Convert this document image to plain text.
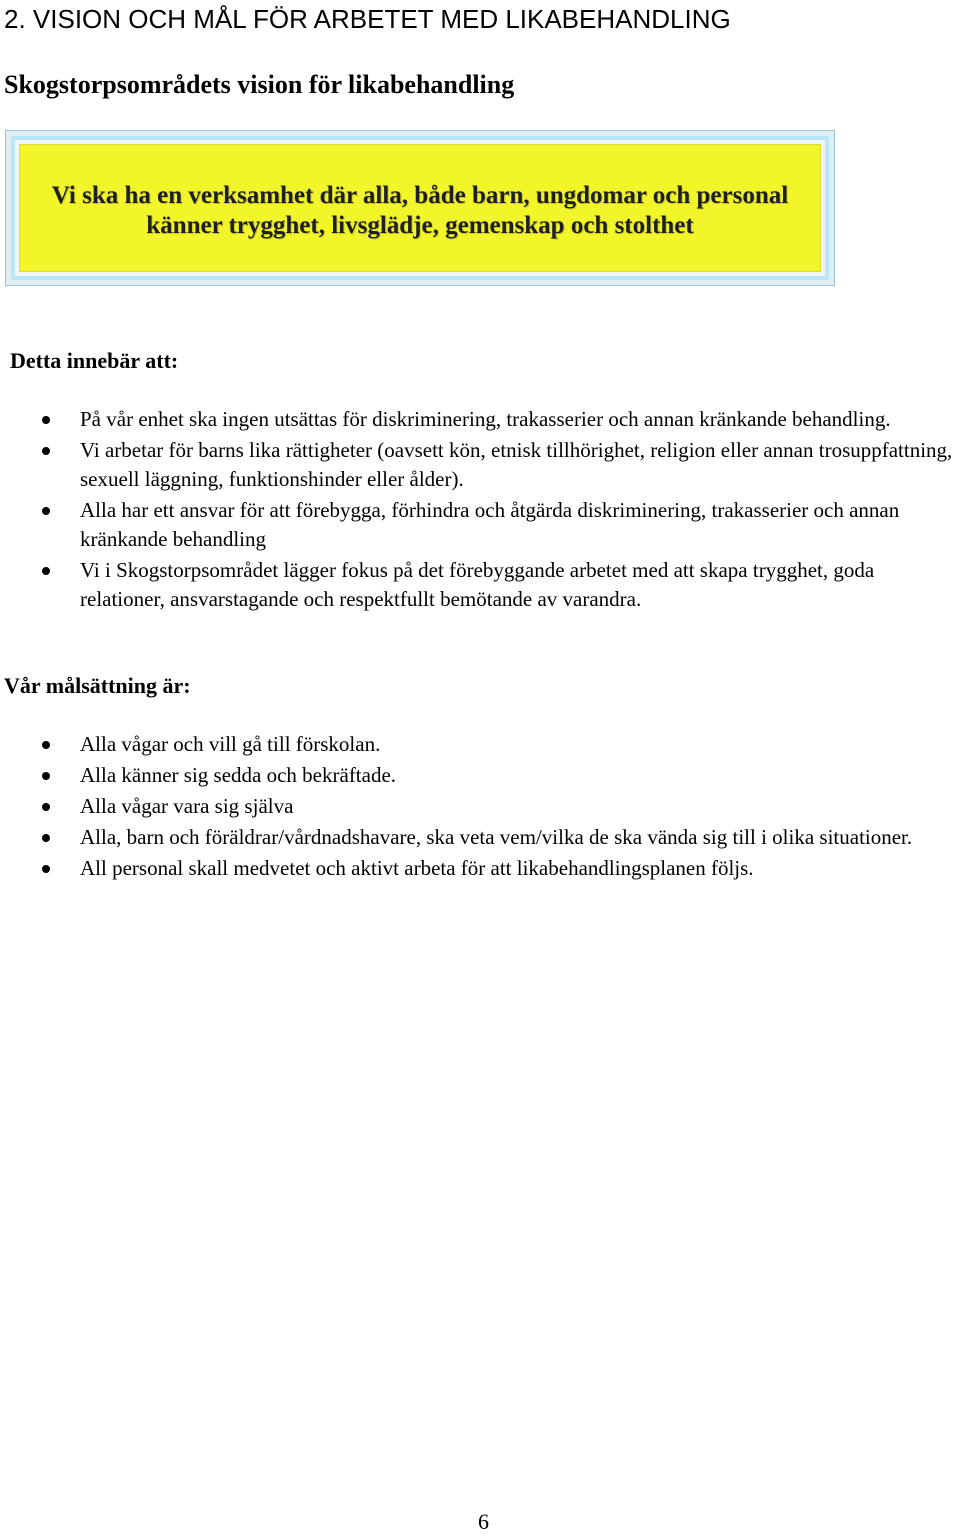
2. VISION OCH MÅL FÖR ARBETET MED LIKABEHANDLING
Skogstorpsområdets vision för likabehandling

Vi ska ha en verksamhet där alla, både barn, ungdomar och personal
känner trygghet, livsglädje, gemenskap och stolthet

Detta innebär att:
På vår enhet ska ingen utsättas för diskriminering, trakasserier och annan kränkande behandling.
Vi arbetar för barns lika rättigheter (oavsett kön, etnisk tillhörighet, religion eller annan trosuppfattning, sexuell läggning, funktionshinder eller ålder).
Alla har ett ansvar för att förebygga, förhindra och åtgärda diskriminering, trakasserier och annan kränkande behandling
Vi i Skogstorpsområdet lägger fokus på det förebyggande arbetet med att skapa trygghet, goda relationer, ansvarstagande och respektfullt bemötande av varandra.
Vår målsättning är:
Alla vågar och vill gå till förskolan.
Alla känner sig sedda och bekräftade.
Alla vågar vara sig själva
Alla, barn och föräldrar/vårdnadshavare, ska veta vem/vilka de ska vända sig till i olika situationer.
All personal skall medvetet och aktivt arbeta för att likabehandlingsplanen följs.

6
